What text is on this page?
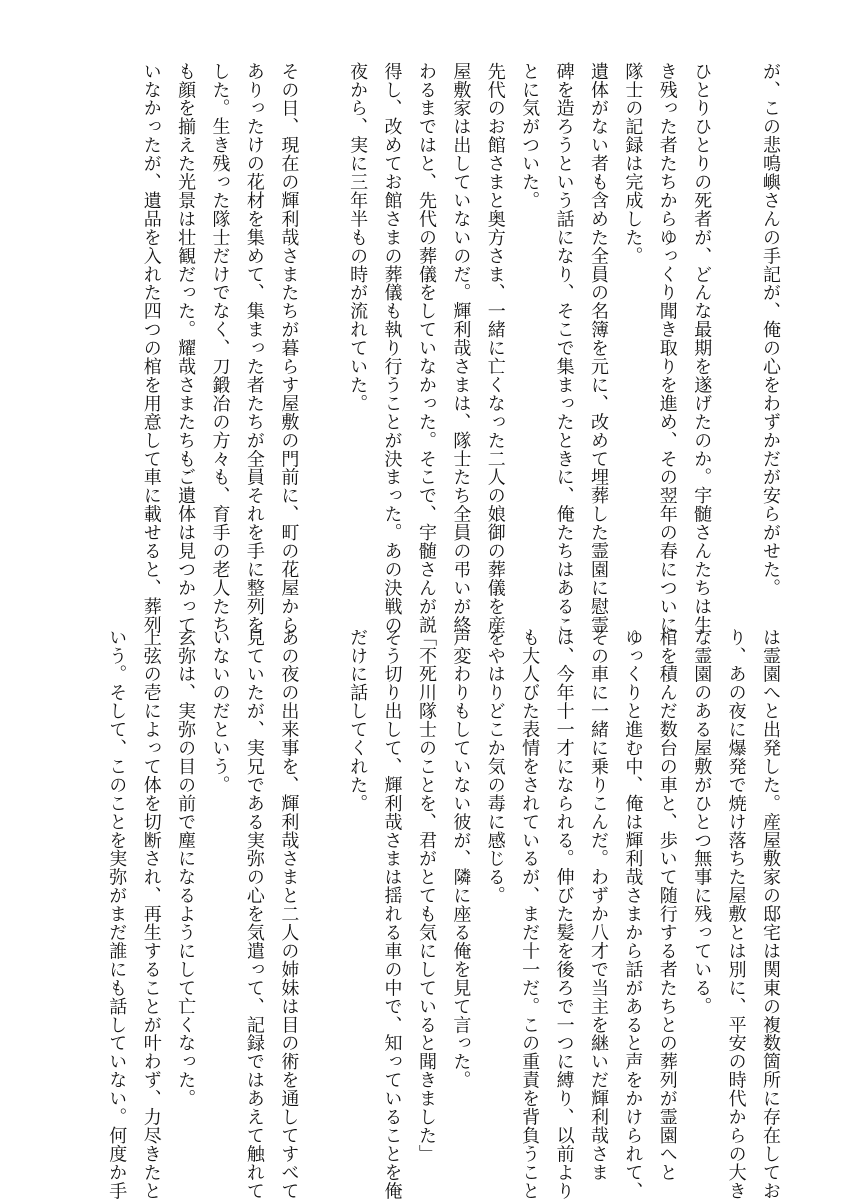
が、この悲鳴嶼さんの手記が、俺の心をわずかだが安らがせた。

ひとりひとりの死者が、どんな最期を遂げたのか。宇髄さんたちは生
き残った者たちからゆっくり聞き取りを進め、その翌年の春についに
隊士の記録は完成した。
遺体がない者も含めた全員の名簿を元に、改めて埋葬した霊園に慰霊
碑を造ろうという話になり、そこで集まったときに、俺たちはあるこ
とに気がついた。
先代のお館さまと奥方さま、一緒に亡くなった二人の娘御の葬儀を産
屋敷家は出していないのだ。輝利哉さまは、隊士たち全員の弔いが終
わるまではと、先代の葬儀をしていなかった。そこで、宇髄さんが説
得し、改めてお館さまの葬儀も執り行うことが決まった。あの決戦の
夜から、実に三年半もの時が流れていた。

その日、現在の輝利哉さまたちが暮らす屋敷の門前に、町の花屋から
ありったけの花材を集めて、集まった者たちが全員それを手に整列を
した。生き残った隊士だけでなく、刀鍛冶の方々も、育手の老人たち
も顔を揃えた光景は壮観だった。耀哉さまたちもご遺体は見つかって
いなかったが、遺品を入れた四つの棺を用意して車に載せると、葬列

は霊園へと出発した。産屋敷家の邸宅は関東の複数箇所に存在してお
り、あの夜に爆発で焼け落ちた屋敷とは別に、平安の時代からの大き
な霊園のある屋敷がひとつ無事に残っている。
棺を積んだ数台の車と、歩いて随行する者たちとの葬列が霊園へと
ゆっくりと進む中、俺は輝利哉さまから話があると声をかけられて、
その車に一緒に乗りこんだ。わずか八才で当主を継いだ輝利哉さま
は、今年十一才になられる。伸びた髪を後ろで一つに縛り、以前より
も大人びた表情をされているが、まだ十一だ。この重責を背負うこと
をやはりどこか気の毒に感じる。
声変わりもしていない彼が、隣に座る俺を見て言った。
「不死川隊士のことを、君がとても気にしていると聞きました」
そう切り出して、輝利哉さまは揺れる車の中で、知っていることを俺
だけに話してくれた。

あの夜の出来事を、輝利哉さまと二人の姉妹は目の術を通してすべて
見ていたが、実兄である実弥の心を気遣って、記録ではあえて触れて
いないのだという。
玄弥は、実弥の目の前で塵になるようにして亡くなった。
上弦の壱によって体を切断され、再生することが叶わず、力尽きたと
いう。そして、このことを実弥がまだ誰にも話していない。何度か手
